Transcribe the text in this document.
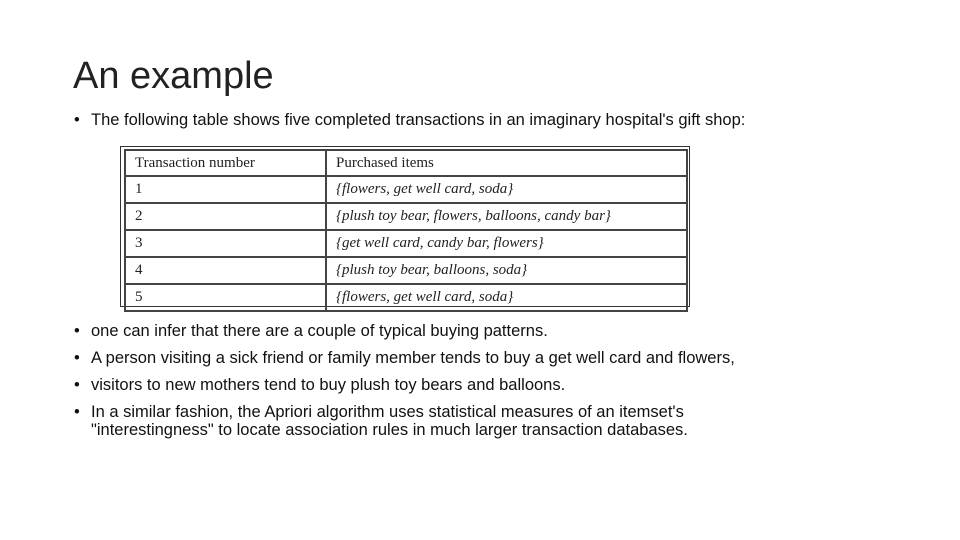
An example
• The following table shows five completed transactions in an imaginary hospital's gift shop:
Transaction number	Purchased items
1	{flowers, get well card, soda}
2	{plush toy bear, flowers, balloons, candy bar}
3	{get well card, candy bar, flowers}
4	{plush toy bear, balloons, soda}
5	{flowers, get well card, soda}
• one can infer that there are a couple of typical buying patterns.
• A person visiting a sick friend or family member tends to buy a get well card and flowers,
• visitors to new mothers tend to buy plush toy bears and balloons.
• In a similar fashion, the Apriori algorithm uses statistical measures of an itemset's
"interestingness" to locate association rules in much larger transaction databases.
